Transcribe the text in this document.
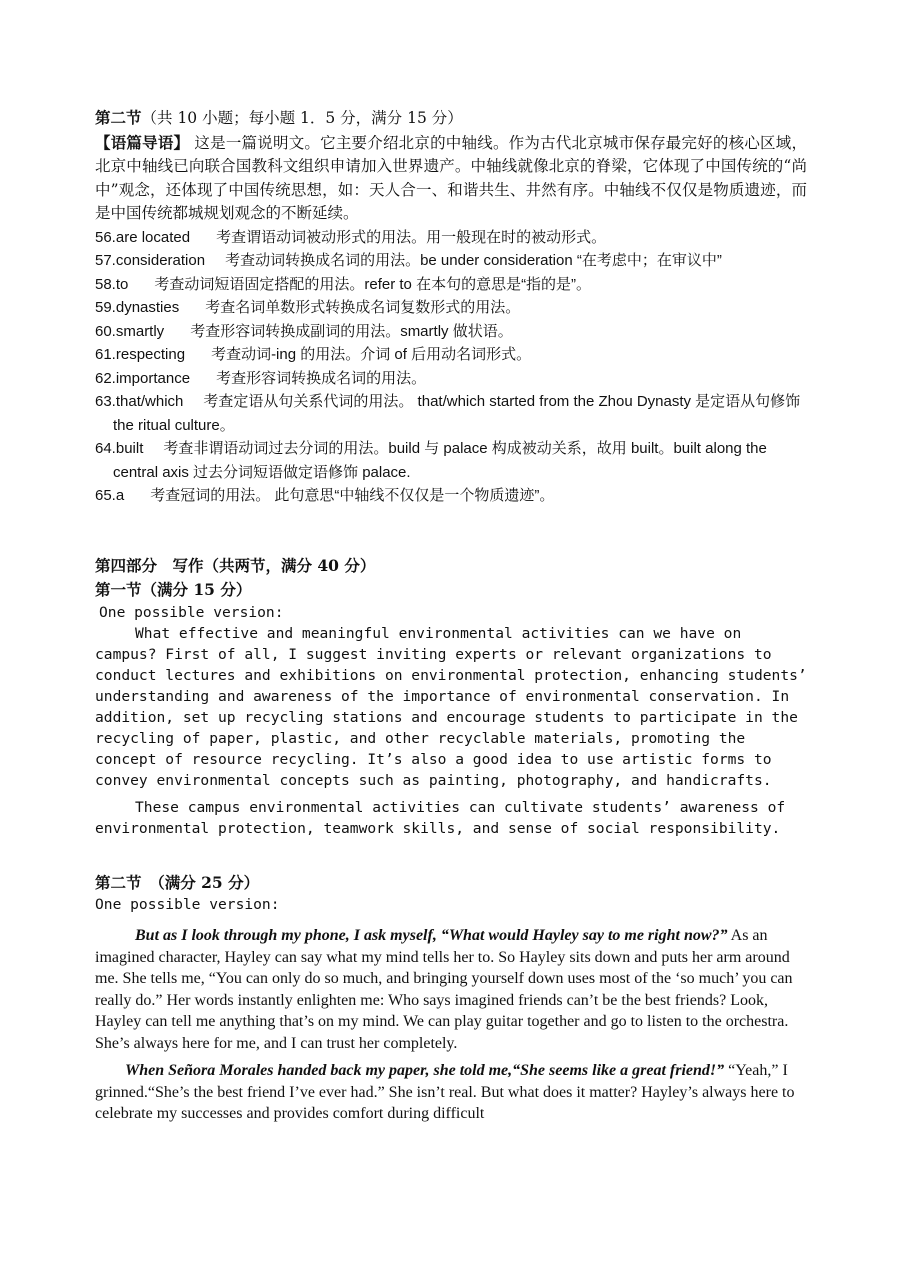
第二节（共 10 小题；每小题 1．5 分，满分 15 分）
【语篇导语】 这是一篇说明文。它主要介绍北京的中轴线。作为古代北京城市保存最完好的核心区域，北京中轴线已向联合国教科文组织申请加入世界遗产。中轴线就像北京的脊梁，它体现了中国传统的“尚中”观念，还体现了中国传统思想，如：天人合一、和谐共生、井然有序。中轴线不仅仅是物质遗迹，而是中国传统都城规划观念的不断延续。
56.are located 考查谓语动词被动形式的用法。用一般现在时的被动形式。
57.consideration 考查动词转换成名词的用法。be under consideration “在考虑中；在审议中”
58.to 考查动词短语固定搭配的用法。refer to 在本句的意思是“指的是”。
59.dynasties 考查名词单数形式转换成名词复数形式的用法。
60.smartly 考查形容词转换成副词的用法。smartly 做状语。
61.respecting 考查动词-ing 的用法。介词 of 后用动名词形式。
62.importance 考查形容词转换成名词的用法。
63.that/which 考查定语从句关系代词的用法。 that/which started from the Zhou Dynasty 是定语从句修饰 the ritual culture。
64.built 考查非谓语动词过去分词的用法。build 与 palace 构成被动关系，故用 built。built along the central axis 过去分词短语做定语修饰 palace.
65.a 考查冠词的用法。 此句意思“中轴线不仅仅是一个物质遗迹”。
第四部分　写作（共两节，满分 40 分）
第一节（满分 15 分）
One possible version:
What effective and meaningful environmental activities can we have on campus? First of all, I suggest inviting experts or relevant organizations to conduct lectures and exhibitions on environmental protection, enhancing students’ understanding and awareness of the importance of environmental conservation. In addition, set up recycling stations and encourage students to participate in the recycling of paper, plastic, and other recyclable materials, promoting the concept of resource recycling. It’s also a good idea to use artistic forms to convey environmental concepts such as painting, photography, and handicrafts.
These campus environmental activities can cultivate students’ awareness of environmental protection, teamwork skills, and sense of social responsibility.
第二节　（满分 25 分）
One possible version:
But as I look through my phone, I ask myself, “What would Hayley say to me right now?” As an imagined character, Hayley can say what my mind tells her to. So Hayley sits down and puts her arm around me. She tells me, “You can only do so much, and bringing yourself down uses most of the ‘so much’ you can really do.” Her words instantly enlighten me: Who says imagined friends can’t be the best friends? Look, Hayley can tell me anything that’s on my mind. We can play guitar together and go to listen to the orchestra. She’s always here for me, and I can trust her completely.
When Señora Morales handed back my paper, she told me,“She seems like a great friend!” “Yeah,” I grinned.“She’s the best friend I’ve ever had.” She isn’t real. But what does it matter? Hayley’s always here to celebrate my successes and provides comfort during difficult
